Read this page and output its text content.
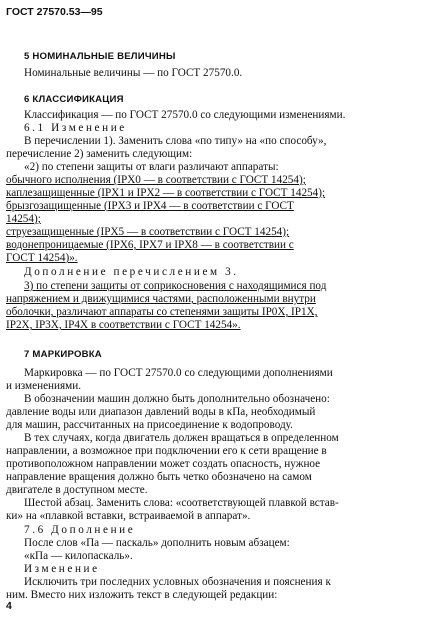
ГОСТ 27570.53—95
5 НОМИНАЛЬНЫЕ ВЕЛИЧИНЫ
Номинальные величины — по ГОСТ 27570.0.
6 КЛАССИФИКАЦИЯ
Классификация — по ГОСТ 27570.0 со следующими изменениями.
6.1 Изменение
В перечислении 1). Заменить слова «по типу» на «по способу»,
перечисление 2) заменить следующим:
«2) по степени защиты от влаги различают аппараты:
обычного исполнения (IPX0 — в соответствии с ГОСТ 14254);
каплезащищенные (IPX1 и IPX2 — в соответствии с ГОСТ 14254);
брызгозащищенные (IPX3 и IPX4 — в соответствии с ГОСТ
14254);
струезащищенные (IPX5 — в соответствии с ГОСТ 14254);
водонепроницаемые (IPX6, IPX7 и IPX8 — в соответствии с
ГОСТ 14254)».
Дополнение перечислением 3.
3) по степени защиты от соприкосновения с находящимися под
напряжением и движущимися частями, расположенными внутри
оболочки, различают аппараты со степенями защиты IP0X, IP1X,
IP2X, IP3X, IP4X в соответствии с ГОСТ 14254».
7 МАРКИРОВКА
Маркировка — по ГОСТ 27570.0 со следующими дополнениями
и изменениями.
В обозначении машин должно быть дополнительно обозначено:
давление воды или диапазон давлений воды в кПа, необходимый
для машин, рассчитанных на присоединение к водопроводу.
В тех случаях, когда двигатель должен вращаться в определенном
направлении, а возможное при подключении его к сети вращение в
противоположном направлении может создать опасность, нужное
направление вращения должно быть четко обозначено на самом
двигателе в доступном месте.
Шестой абзац. Заменить слова: «соответствующей плавкой встав-
ки» на «плавкой вставки, встраиваемой в аппарат».
7.6 Дополнение
После слов «Па — паскаль» дополнить новым абзацем:
«кПа — килопаскаль».
Изменение
Исключить три последних условных обозначения и пояснения к
ним. Вместо них изложить текст в следующей редакции:
4
